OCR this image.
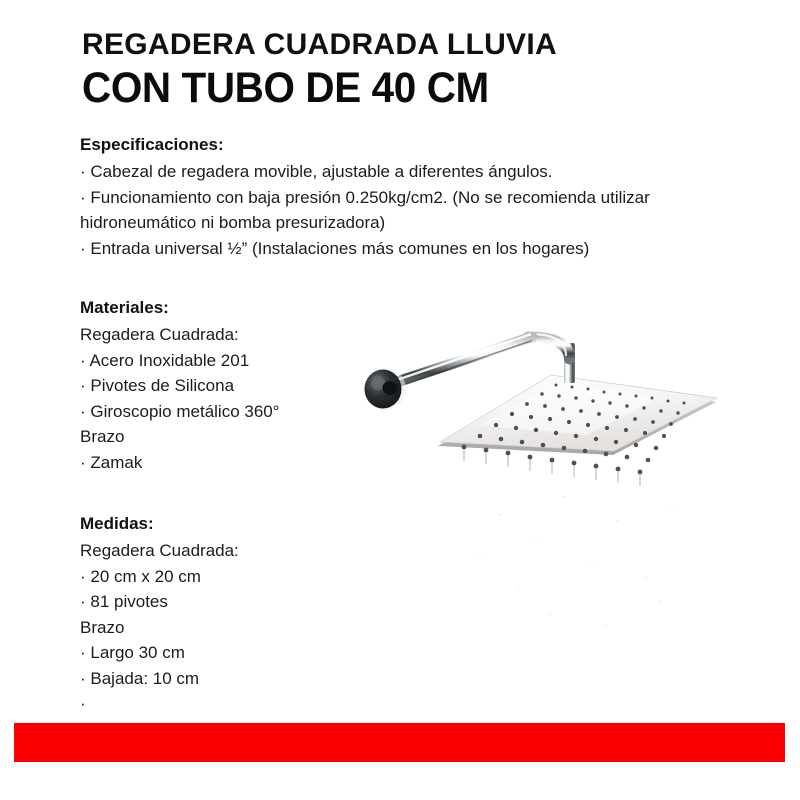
REGADERA CUADRADA LLUVIA
CON TUBO DE 40 CM
Especificaciones:
· Cabezal de regadera movible, ajustable a diferentes ángulos.
· Funcionamiento con baja presión 0.250kg/cm2. (No se recomienda utilizar hidroneumático ni bomba presurizadora)
· Entrada universal ½” (Instalaciones más comunes en los hogares)
Materiales:
Regadera Cuadrada:
· Acero Inoxidable 201
· Pivotes de Silicona
· Giroscopio metálico 360°
Brazo
· Zamak
Medidas:
Regadera Cuadrada:
· 20 cm x 20 cm
· 81 pivotes
Brazo
· Largo 30 cm
· Bajada: 10 cm
·
